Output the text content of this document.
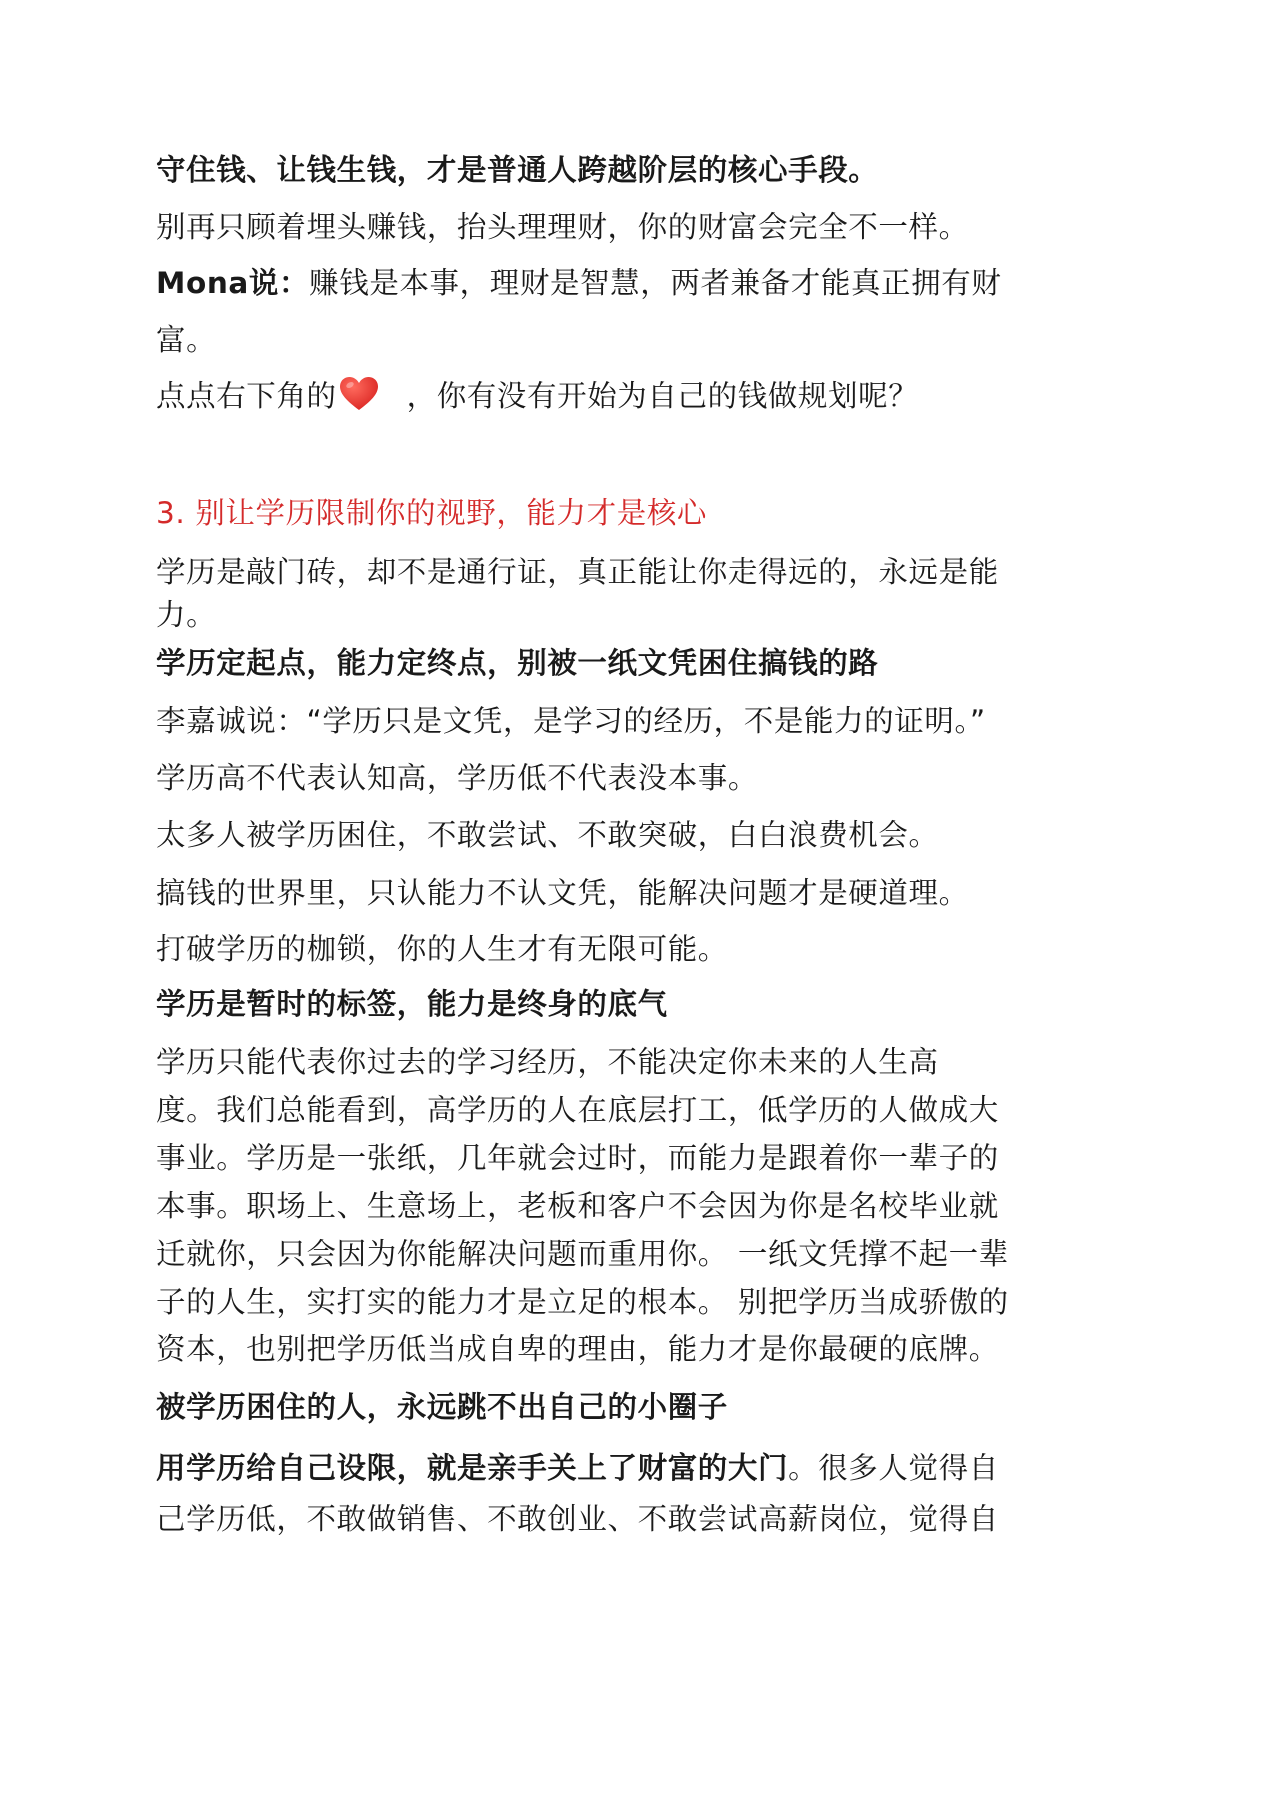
守住钱、让钱生钱，才是普通人跨越阶层的核心手段。
别再只顾着埋头赚钱，抬头理理财，你的财富会完全不一样。
Mona说：赚钱是本事，理财是智慧，两者兼备才能真正拥有财
富。
点点右下角的 ，你有没有开始为自己的钱做规划呢？
3. 别让学历限制你的视野，能力才是核心
学历是敲门砖，却不是通行证，真正能让你走得远的，永远是能
力。
学历定起点，能力定终点，别被一纸文凭困住搞钱的路
李嘉诚说：“学历只是文凭，是学习的经历，不是能力的证明。”
学历高不代表认知高，学历低不代表没本事。
太多人被学历困住，不敢尝试、不敢突破，白白浪费机会。
搞钱的世界里，只认能力不认文凭，能解决问题才是硬道理。
打破学历的枷锁，你的人生才有无限可能。
学历是暂时的标签，能力是终身的底气
学历只能代表你过去的学习经历，不能决定你未来的人生高
度。我们总能看到，高学历的人在底层打工，低学历的人做成大
事业。学历是一张纸，几年就会过时，而能力是跟着你一辈子的
本事。职场上、生意场上，老板和客户不会因为你是名校毕业就
迁就你，只会因为你能解决问题而重用你。 一纸文凭撑不起一辈
子的人生，实打实的能力才是立足的根本。 别把学历当成骄傲的
资本，也别把学历低当成自卑的理由，能力才是你最硬的底牌。
被学历困住的人，永远跳不出自己的小圈子
用学历给自己设限，就是亲手关上了财富的大门。很多人觉得自
己学历低，不敢做销售、不敢创业、不敢尝试高薪岗位，觉得自
